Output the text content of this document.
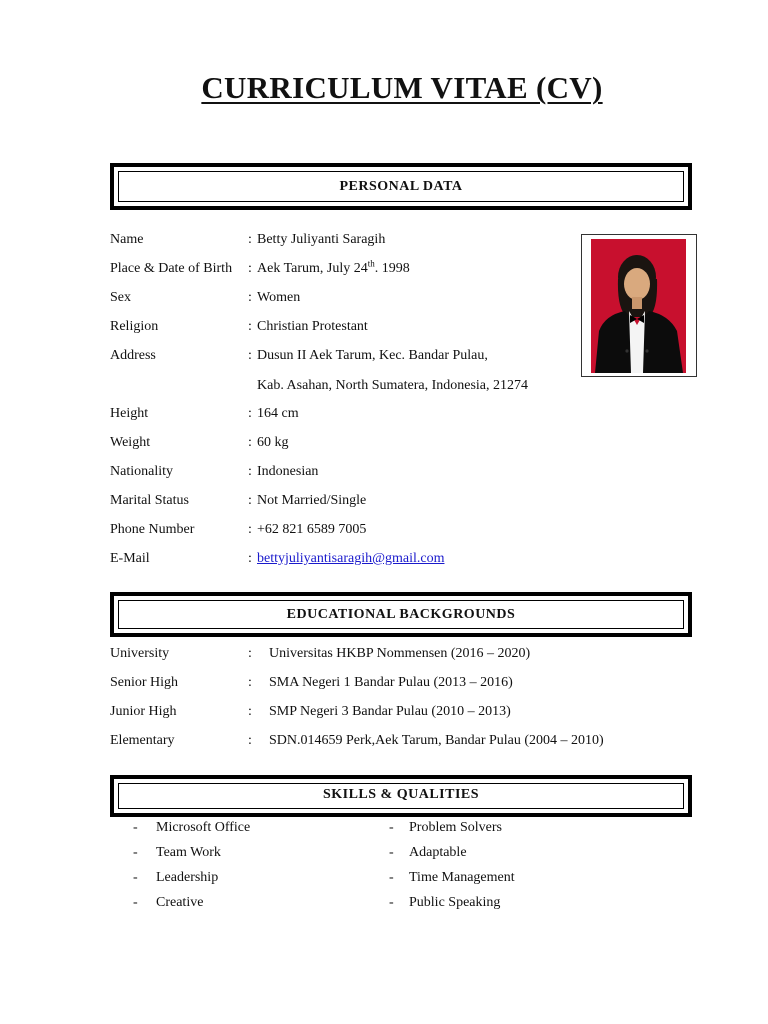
CURRICULUM VITAE (CV)
PERSONAL DATA
Name	: Betty Juliyanti Saragih
Place & Date of Birth : Aek Tarum, July 24th. 1998
Sex	: Women
Religion	: Christian Protestant
Address	: Dusun II Aek Tarum, Kec. Bandar Pulau,
Kab. Asahan, North Sumatera, Indonesia, 21274
Height	: 164 cm
Weight	: 60 kg
Nationality	: Indonesian
Marital Status	: Not Married/Single
Phone Number	: +62 821 6589 7005
E-Mail	: bettyjuliyantisaragih@gmail.com
EDUCATIONAL BACKGROUNDS
University	: Universitas HKBP Nommensen (2016 – 2020)
Senior High	: SMA Negeri 1 Bandar Pulau (2013 – 2016)
Junior High	: SMP Negeri 3 Bandar Pulau (2010 – 2013)
Elementary	: SDN.014659 Perk,Aek Tarum, Bandar Pulau (2004 – 2010)
SKILLS & QUALITIES
- Microsoft Office	- Problem Solvers
- Team Work	- Adaptable
- Leadership	- Time Management
- Creative	- Public Speaking
